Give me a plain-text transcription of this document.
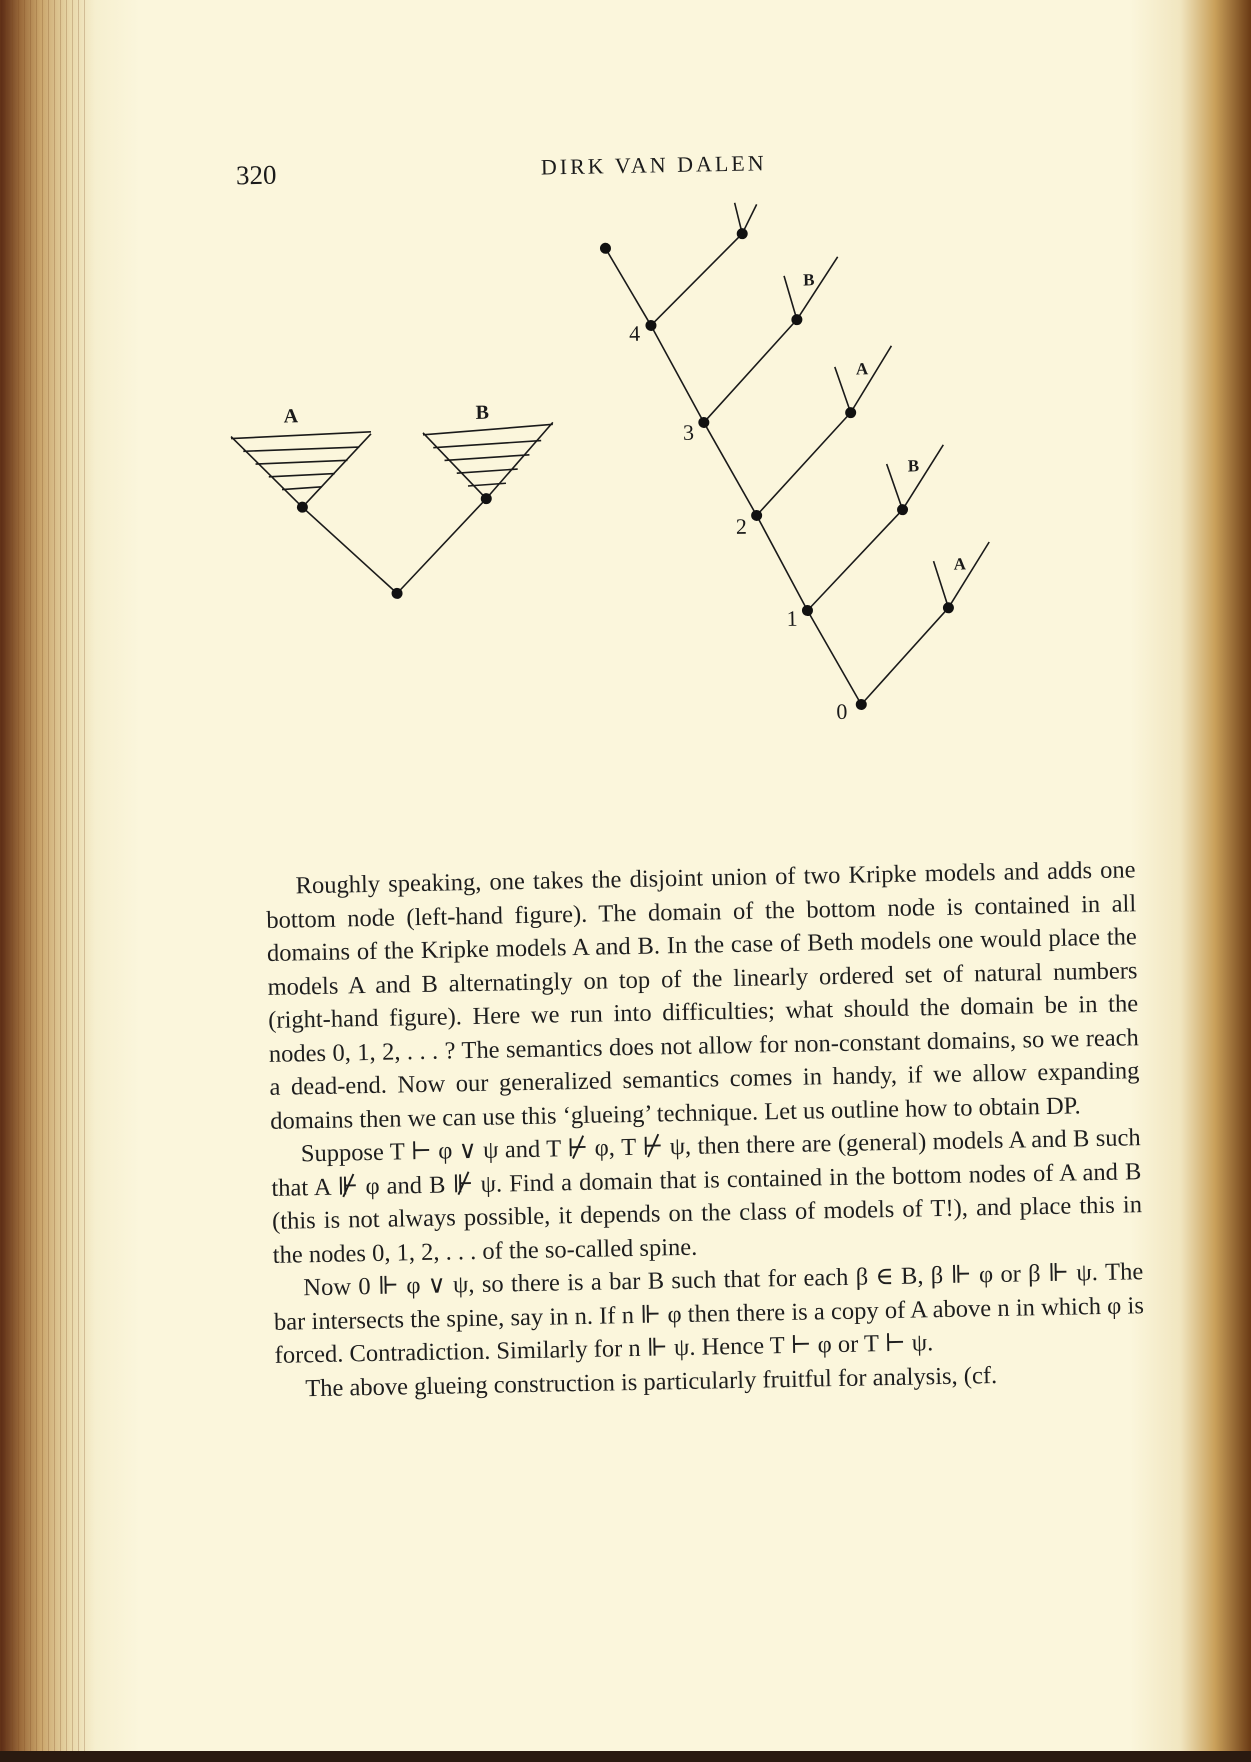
320	DIRK VAN DALEN
A	B
0
1
2
3
4
A
B
A
B

Roughly speaking, one takes the disjoint union of two Kripke models and adds one bottom node (left-hand figure). The domain of the bottom node is contained in all domains of the Kripke models A and B. In the case of Beth models one would place the models A and B alternatingly on top of the linearly ordered set of natural numbers (right-hand figure). Here we run into difficulties; what should the domain be in the nodes 0, 1, 2, . . . ? The semantics does not allow for non-constant domains, so we reach a dead-end. Now our generalized semantics comes in handy, if we allow expanding domains then we can use this ‘glueing’ technique. Let us outline how to obtain DP.

Suppose T ⊢ φ ∨ ψ and T ⊬ φ, T ⊬ ψ, then there are (general) models A and B such that A ⊮ φ and B ⊮ ψ. Find a domain that is contained in the bottom nodes of A and B (this is not always possible, it depends on the class of models of T!), and place this in the nodes 0, 1, 2, . . . of the so-called spine.

Now 0 ⊩ φ ∨ ψ, so there is a bar B such that for each β ∈ B, β ⊩ φ or β ⊩ ψ. The bar intersects the spine, say in n. If n ⊩ φ then there is a copy of A above n in which φ is forced. Contradiction. Similarly for n ⊩ ψ. Hence T ⊢ φ or T ⊢ ψ.

The above glueing construction is particularly fruitful for analysis, (cf.
